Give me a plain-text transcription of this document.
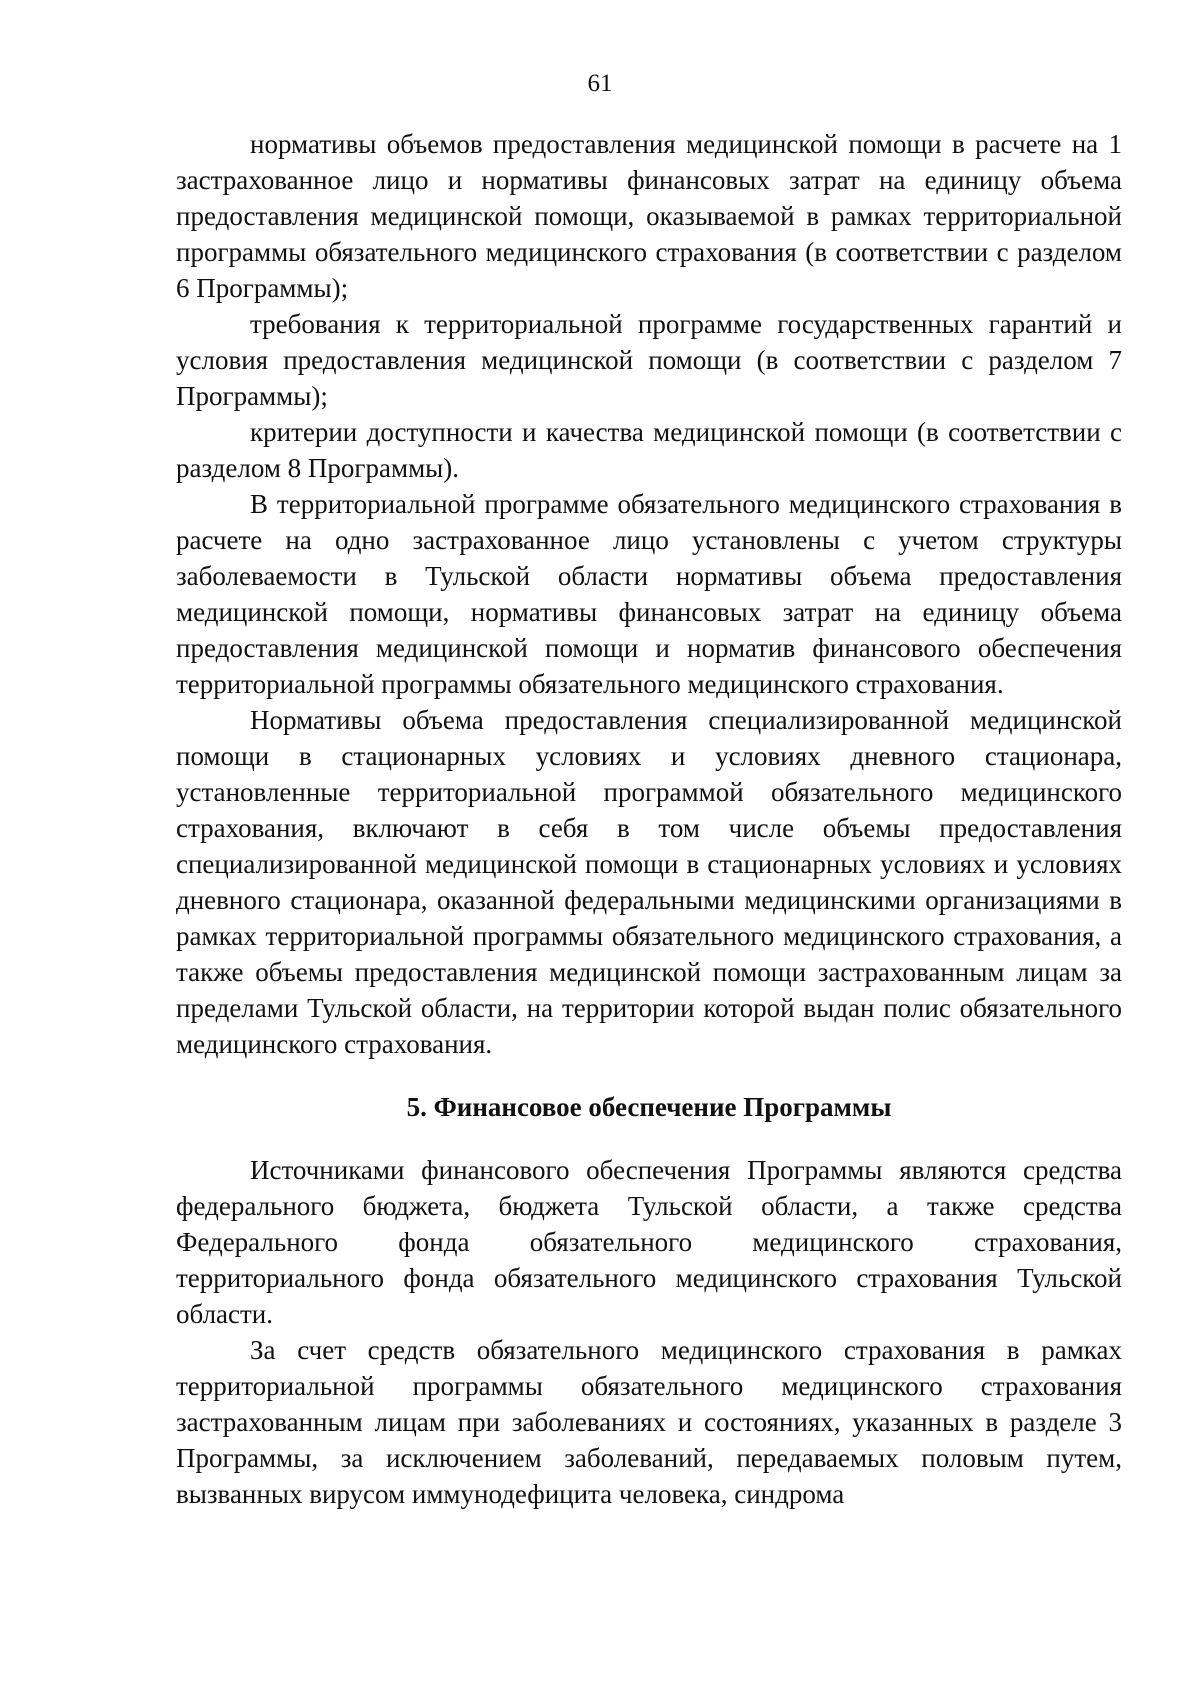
61

нормативы объемов предоставления медицинской помощи в расчете на 1 застрахованное лицо и нормативы финансовых затрат на единицу объема предоставления медицинской помощи, оказываемой в рамках территориальной программы обязательного медицинского страхования (в соответствии с разделом 6 Программы);

требования к территориальной программе государственных гарантий и условия предоставления медицинской помощи (в соответствии с разделом 7 Программы);

критерии доступности и качества медицинской помощи (в соответствии с разделом 8 Программы).

В территориальной программе обязательного медицинского страхования в расчете на одно застрахованное лицо установлены с учетом структуры заболеваемости в Тульской области нормативы объема предоставления медицинской помощи, нормативы финансовых затрат на единицу объема предоставления медицинской помощи и норматив финансового обеспечения территориальной программы обязательного медицинского страхования.

Нормативы объема предоставления специализированной медицинской помощи в стационарных условиях и условиях дневного стационара, установленные территориальной программой обязательного медицинского страхования, включают в себя в том числе объемы предоставления специализированной медицинской помощи в стационарных условиях и условиях дневного стационара, оказанной федеральными медицинскими организациями в рамках территориальной программы обязательного медицинского страхования, а также объемы предоставления медицинской помощи застрахованным лицам за пределами Тульской области, на территории которой выдан полис обязательного медицинского страхования.

5. Финансовое обеспечение Программы

Источниками финансового обеспечения Программы являются средства федерального бюджета, бюджета Тульской области, а также средства Федерального фонда обязательного медицинского страхования, территориального фонда обязательного медицинского страхования Тульской области.

За счет средств обязательного медицинского страхования в рамках территориальной программы обязательного медицинского страхования застрахованным лицам при заболеваниях и состояниях, указанных в разделе 3 Программы, за исключением заболеваний, передаваемых половым путем, вызванных вирусом иммунодефицита человека, синдрома
